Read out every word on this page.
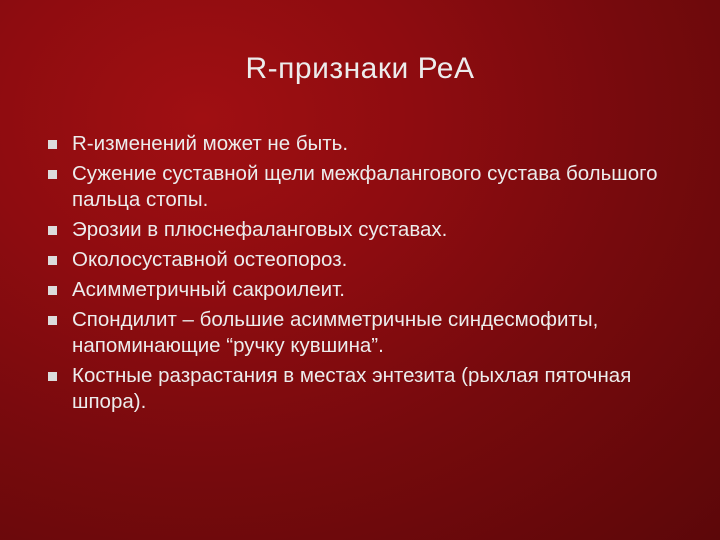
R-признаки РеА
R-изменений может не быть.
Сужение суставной щели межфалангового сустава большого пальца стопы.
Эрозии в плюснефаланговых суставах.
Околосуставной остеопороз.
Асимметричный сакроилеит.
Спондилит – большие асимметричные синдесмофиты, напоминающие “ручку кувшина”.
Костные разрастания в местах энтезита (рыхлая пяточная шпора).
